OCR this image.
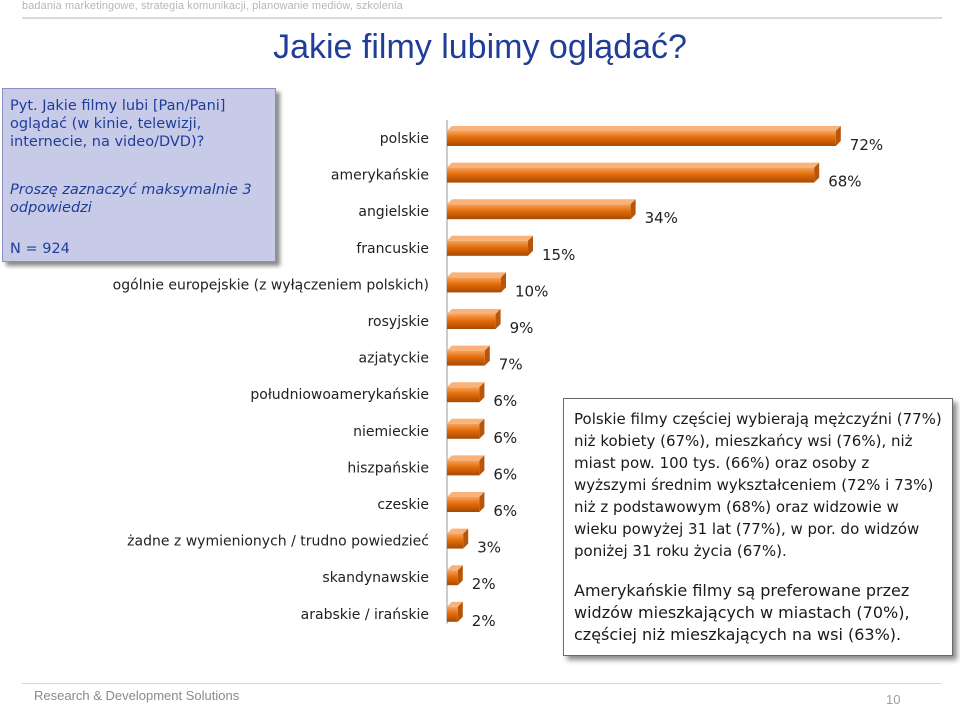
badania marketingowe, strategia komunikacji, planowanie mediów, szkolenia
Jakie filmy lubimy oglądać?
polskie
amerykańskie
angielskie
francuskie
ogólnie europejskie (z wyłączeniem polskich)
rosyjskie
azjatyckie
południowoamerykańskie
niemieckie
hiszpańskie
czeskie
żadne z wymienionych / trudno powiedzieć
skandynawskie
arabskie / irańskie
72%
68%
34%
15%
10%
9%
7%
6%
6%
6%
6%
3%
2%
2%
Pyt. Jakie filmy lubi [Pan/Pani] oglądać (w kinie, telewizji, internecie, na video/DVD)?
Proszę zaznaczyć maksymalnie 3 odpowiedzi
N = 924

Polskie filmy częściej wybierają mężczyźni (77%) niż kobiety (67%), mieszkańcy wsi (76%), niż miast pow. 100 tys. (66%) oraz osoby z wyższymi średnim wykształceniem (72% i 73%) niż z podstawowym (68%) oraz widzowie w wieku powyżej 31 lat (77%), w por. do widzów poniżej 31 roku życia (67%).

Amerykańskie filmy są preferowane przez widzów mieszkających w miastach (70%), częściej niż mieszkających na wsi (63%).

Research & Development Solutions	10
